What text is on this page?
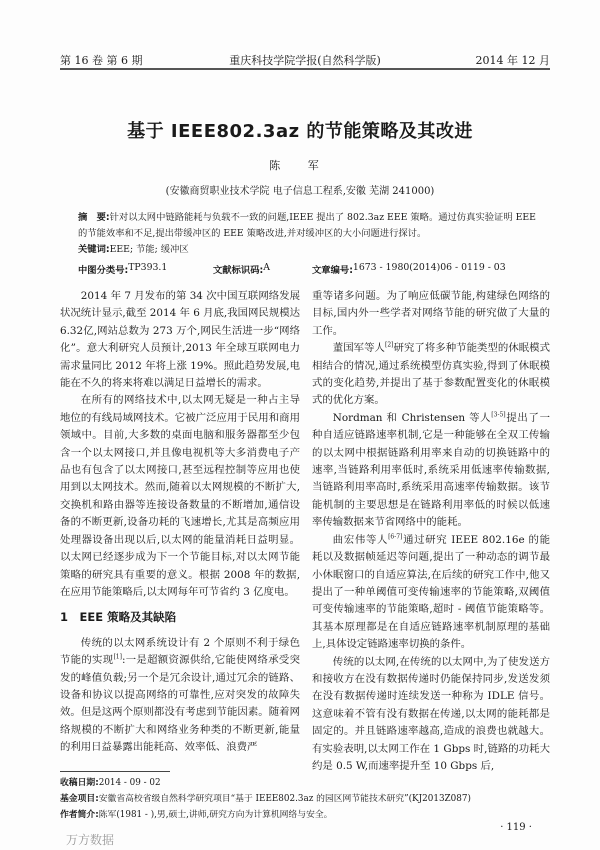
第 16 卷 第 6 期	重庆科技学院学报(自然科学版)	2014 年 12 月
基于 IEEE802.3az 的节能策略及其改进
陈 军
(安徽商贸职业技术学院 电子信息工程系,安徽 芜湖 241000)
摘　要:针对以太网中链路能耗与负载不一致的问题,IEEE 提出了 802.3az EEE 策略。通过仿真实验证明 EEE 的节能效率和不足,提出带缓冲区的 EEE 策略改进,并对缓冲区的大小问题进行探讨。
关键词:EEE; 节能; 缓冲区
中图分类号: TP393.1	文献标识码: A	文章编号: 1673 - 1980(2014)06 - 0119 - 03

2014 年 7 月发布的第 34 次中国互联网络发展状况统计显示,截至 2014 年 6 月底,我国网民规模达 6.32亿,网站总数为 273 万个,网民生活进一步“网络化”。意大利研究人员预计,2013 年全球互联网电力需求量同比 2012 年将上涨 19%。照此趋势发展,电能在不久的将来将难以满足日益增长的需求。

在所有的网络技术中,以太网无疑是一种占主导地位的有线局域网技术。它被广泛应用于民用和商用领域中。目前,大多数的桌面电脑和服务器都至少包含一个以太网接口,并且像电视机等大多消费电子产品也有包含了以太网接口,甚至远程控制等应用也使用到以太网技术。然而,随着以太网规模的不断扩大,交换机和路由器等连接设备数量的不断增加,通信设备的不断更新,设备功耗的飞速增长,尤其是高频应用处理器设备出现以后,以太网的能量消耗日益明显。以太网已经逐步成为下一个节能目标,对以太网节能策略的研究具有重要的意义。根据 2008 年的数据,在应用节能策略后,以太网每年可节省约 3 亿度电。

1　EEE 策略及其缺陷

传统的以太网系统设计有 2 个原则不利于绿色节能的实现[1]:一是超额资源供给,它能使网络承受突发的峰值负载;另一个是冗余设计,通过冗余的链路、设备和协议以提高网络的可靠性,应对突发的故障失效。但是这两个原则都没有考虑到节能因素。随着网络规模的不断扩大和网络业务种类的不断更新,能量的利用日益暴露出能耗高、效率低、浪费严

重等诸多问题。为了响应低碳节能,构建绿色网络的目标,国内外一些学者对网络节能的研究做了大量的工作。

董国军等人[2]研究了将多种节能类型的休眠模式相结合的情况,通过系统模型仿真实验,得到了休眠模式的变化趋势,并提出了基于参数配置变化的休眠模式的优化方案。

Nordman 和 Christensen 等人[3-5]提出了一种自适应链路速率机制,它是一种能够在全双工传输的以太网中根据链路利用率来自动的切换链路中的速率,当链路利用率低时,系统采用低速率传输数据,当链路利用率高时,系统采用高速率传输数据。该节能机制的主要思想是在链路利用率低的时候以低速率传输数据来节省网络中的能耗。

曲宏伟等人[6-7]通过研究 IEEE 802.16e 的能耗以及数据帧延迟等问题,提出了一种动态的调节最小休眠窗口的自适应算法,在后续的研究工作中,他又提出了一种单阈值可变传输速率的节能策略,双阈值可变传输速率的节能策略,超时 - 阈值节能策略等。其基本原理都是在自适应链路速率机制原理的基础上,具体设定链路速率切换的条件。

传统的以太网,在传统的以太网中,为了使发送方和接收方在没有数据传递时仍能保持同步,发送发须在没有数据传递时连续发送一种称为 IDLE 信号。这意味着不管有没有数据在传递,以太网的能耗都是固定的。并且链路速率越高,造成的浪费也就越大。有实验表明,以太网工作在 1 Gbps 时,链路的功耗大约是 0.5 W,而速率提升至 10 Gbps 后,

收稿日期:2014 - 09 - 02
基金项目:安徽省高校省级自然科学研究项目“基于 IEEE802.3az 的园区网节能技术研究”(KJ2013Z087)
作者简介:陈军(1981 - ),男,硕士,讲师,研究方向为计算机网络与安全。
· 119 ·
万方数据
